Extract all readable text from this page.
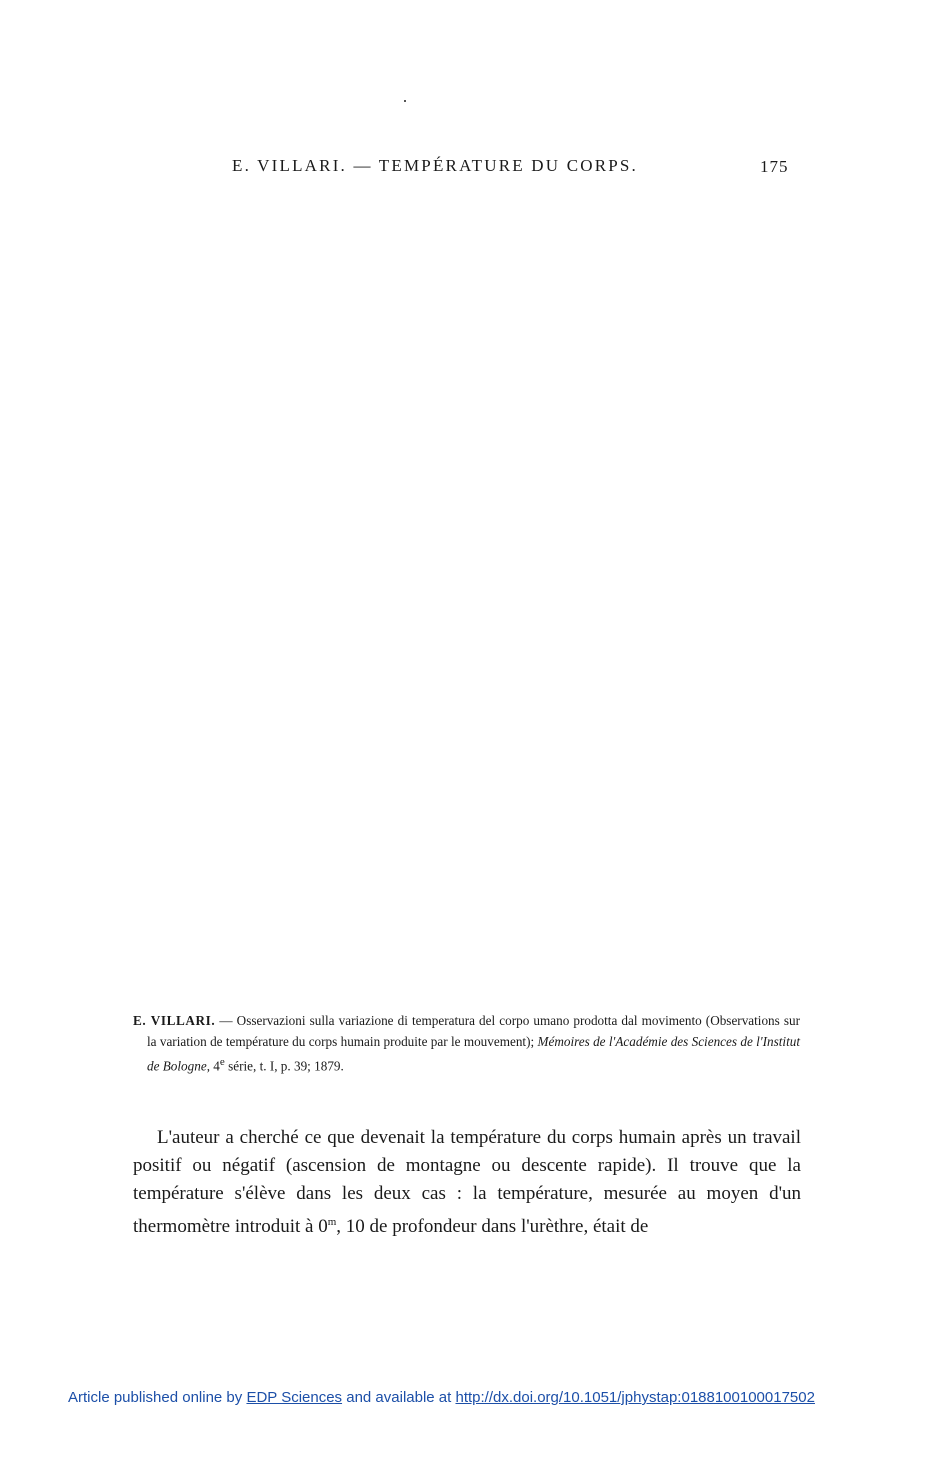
E. VILLARI. — TEMPÉRATURE DU CORPS.	175
E. VILLARI. — Osservazioni sulla variazione di temperatura del corpo umano prodotta dal movimento (Observations sur la variation de température du corps humain produite par le mouvement); Mémoires de l'Académie des Sciences de l'Institut de Bologne, 4e série, t. I, p. 39; 1879.

L'auteur a cherché ce que devenait la température du corps humain après un travail positif ou négatif (ascension de montagne ou descente rapide). Il trouve que la température s'élève dans les deux cas : la température, mesurée au moyen d'un thermomètre introduit à 0$^m$, 10 de profondeur dans l'urèthre, était de

Article published online by EDP Sciences and available at http://dx.doi.org/10.1051/jphystap:0188100100017502
